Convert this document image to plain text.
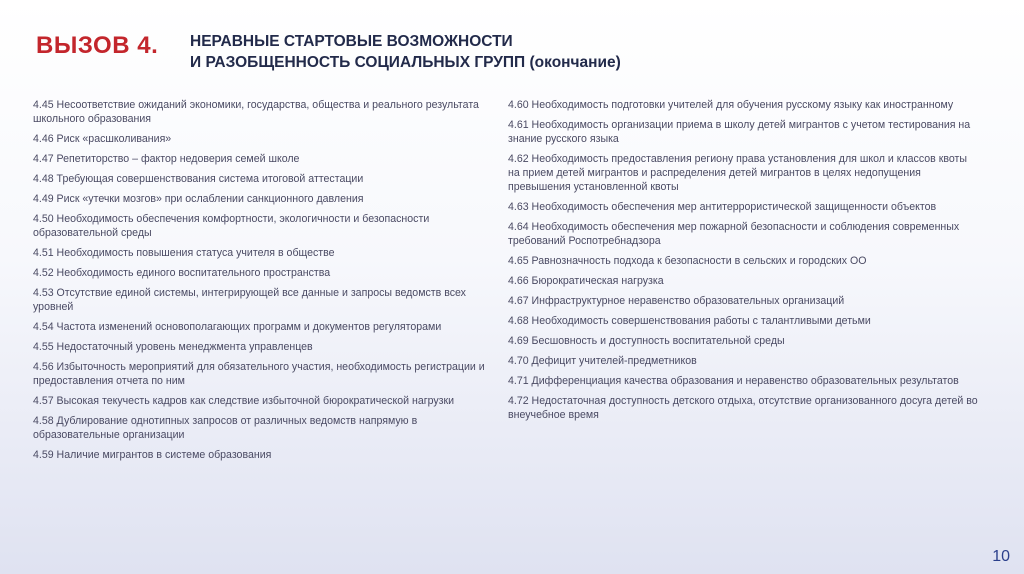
ВЫЗОВ 4. НЕРАВНЫЕ СТАРТОВЫЕ ВОЗМОЖНОСТИ
И РАЗОБЩЕННОСТЬ СОЦИАЛЬНЫХ ГРУПП (окончание)
4.45 Несоответствие ожиданий экономики, государства, общества и реального результата школьного образования
4.46 Риск «расшколивания»
4.47 Репетиторство – фактор недоверия семей школе
4.48 Требующая совершенствования система итоговой аттестации
4.49 Риск «утечки мозгов» при ослаблении санкционного давления
4.50 Необходимость обеспечения комфортности, экологичности и безопасности образовательной среды
4.51 Необходимость повышения статуса учителя в обществе
4.52 Необходимость единого воспитательного пространства
4.53 Отсутствие единой системы, интегрирующей все данные и запросы ведомств всех уровней
4.54 Частота изменений основополагающих программ и документов регуляторами
4.55 Недостаточный уровень менеджмента управленцев
4.56 Избыточность мероприятий для обязательного участия, необходимость регистрации и предоставления отчета по ним
4.57 Высокая текучесть кадров как следствие избыточной бюрократической нагрузки
4.58 Дублирование однотипных запросов от различных ведомств напрямую в образовательные организации
4.59 Наличие мигрантов в системе образования
4.60 Необходимость подготовки учителей для обучения русскому языку как иностранному
4.61 Необходимость организации приема в школу детей мигрантов с учетом тестирования на знание русского языка
4.62 Необходимость предоставления региону права установления для школ и классов квоты на прием детей мигрантов и распределения детей мигрантов в целях недопущения превышения установленной квоты
4.63 Необходимость обеспечения мер антитеррористической защищенности объектов
4.64 Необходимость обеспечения мер пожарной безопасности и соблюдения современных требований Роспотребнадзора
4.65 Равнозначность подхода к безопасности в сельских и городских ОО
4.66 Бюрократическая нагрузка
4.67 Инфраструктурное неравенство образовательных организаций
4.68 Необходимость совершенствования работы с талантливыми детьми
4.69 Бесшовность и доступность воспитательной среды
4.70 Дефицит учителей-предметников
4.71 Дифференциация качества образования и неравенство образовательных результатов
4.72 Недостаточная доступность детского отдыха, отсутствие организованного досуга детей во внеучебное время
10
